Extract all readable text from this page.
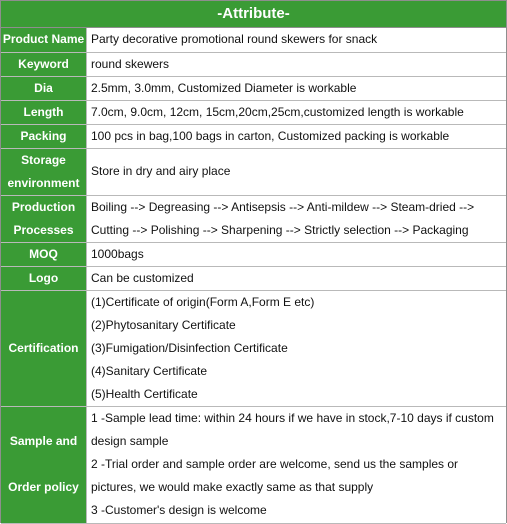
-Attribute-
Product Name	Party decorative promotional round skewers for snack

Keyword	round skewers

Dia	2.5mm, 3.0mm, Customized Diameter is workable

Length	7.0cm, 9.0cm, 12cm, 15cm,20cm,25cm,customized length is workable

Packing	100 pcs in bag,100 bags in carton, Customized packing is workable

Storage
environment	Store in dry and airy place

Production
Processes	Boiling --> Degreasing --> Antisepsis --> Anti-mildew --> Steam-dried -->
Cutting --> Polishing --> Sharpening --> Strictly selection --> Packaging

MOQ	1000bags

Logo	Can be customized

Certification	(1)Certificate of origin(Form A,Form E etc)
(2)Phytosanitary Certificate
(3)Fumigation/Disinfection Certificate
(4)Sanitary Certificate
(5)Health Certificate

Sample and
Order policy	1 -Sample lead time: within 24 hours if we have in stock,7-10 days if custom
design sample
2 -Trial order and sample order are welcome, send us the samples or
pictures, we would make exactly same as that supply
3 -Customer's design is welcome
